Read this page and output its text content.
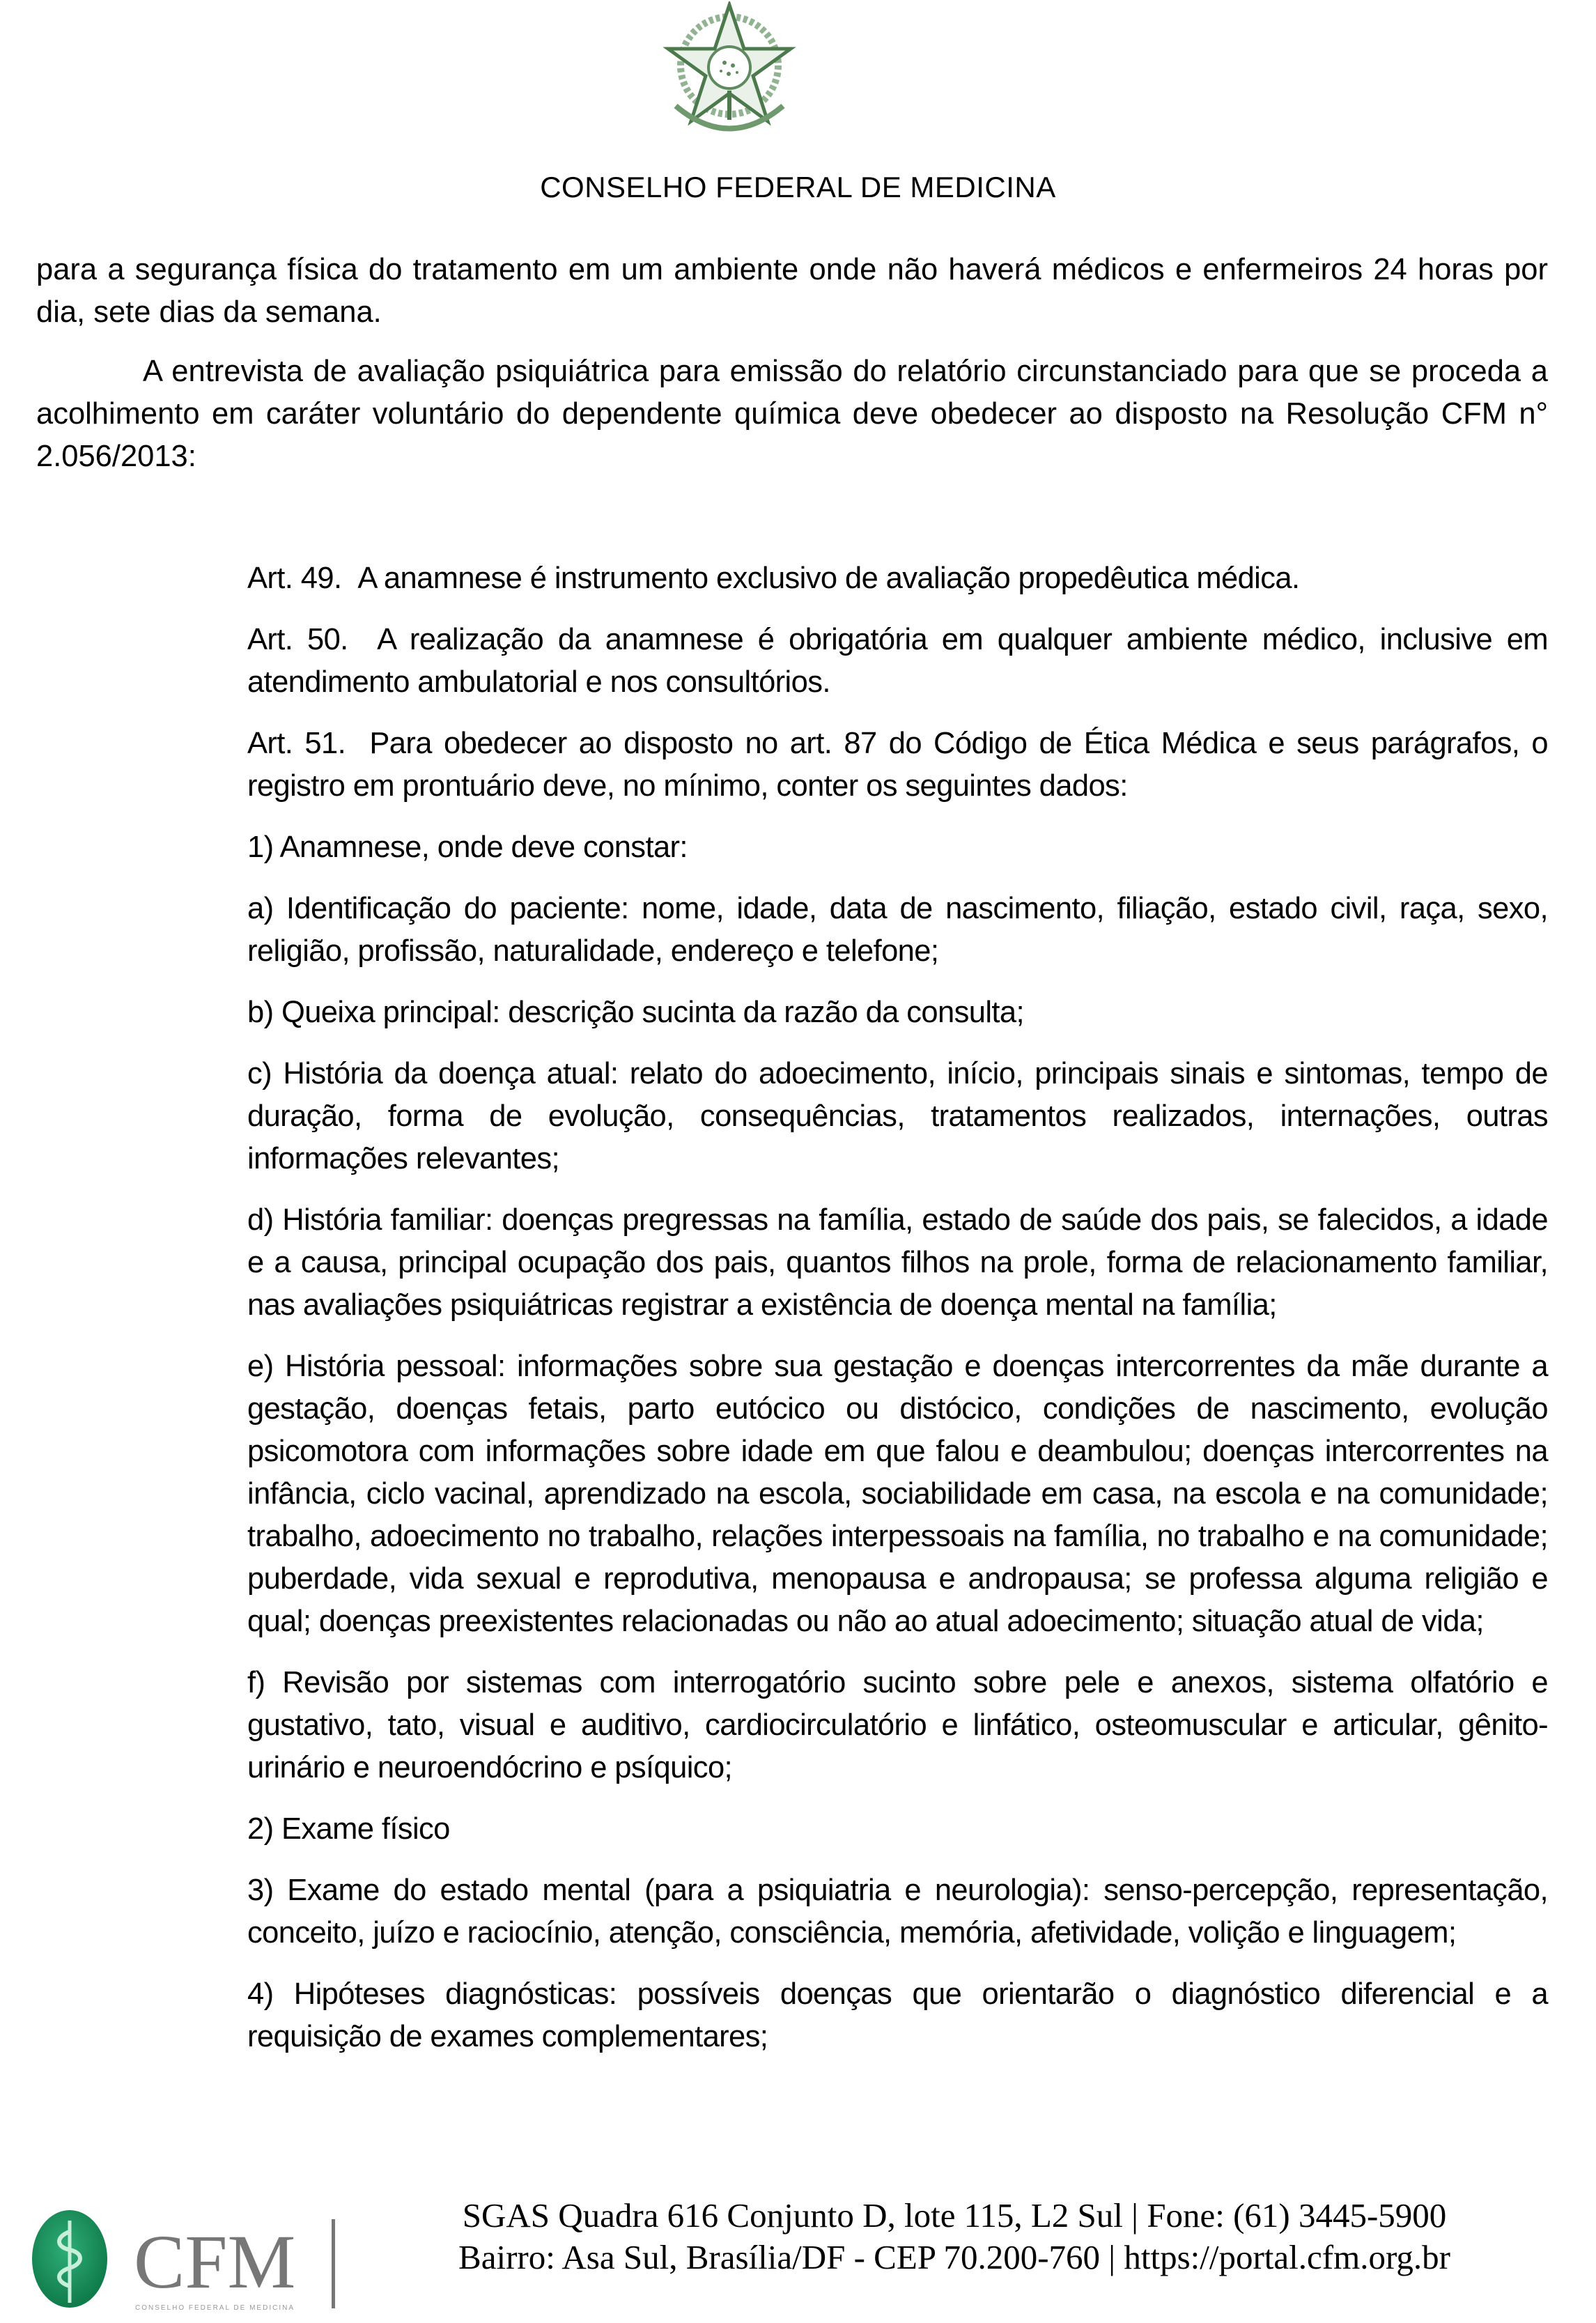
CONSELHO FEDERAL DE MEDICINA

para a segurança física do tratamento em um ambiente onde não haverá médicos e enfermeiros 24 horas por dia, sete dias da semana.

A entrevista de avaliação psiquiátrica para emissão do relatório circunstanciado para que se proceda a acolhimento em caráter voluntário do dependente química deve obedecer ao disposto na Resolução CFM n° 2.056/2013:

Art. 49. A anamnese é instrumento exclusivo de avaliação propedêutica médica.

Art. 50. A realização da anamnese é obrigatória em qualquer ambiente médico, inclusive em atendimento ambulatorial e nos consultórios.

Art. 51. Para obedecer ao disposto no art. 87 do Código de Ética Médica e seus parágrafos, o registro em prontuário deve, no mínimo, conter os seguintes dados:

1) Anamnese, onde deve constar:

a) Identificação do paciente: nome, idade, data de nascimento, filiação, estado civil, raça, sexo, religião, profissão, naturalidade, endereço e telefone;

b) Queixa principal: descrição sucinta da razão da consulta;

c) História da doença atual: relato do adoecimento, início, principais sinais e sintomas, tempo de duração, forma de evolução, consequências, tratamentos realizados, internações, outras informações relevantes;

d) História familiar: doenças pregressas na família, estado de saúde dos pais, se falecidos, a idade e a causa, principal ocupação dos pais, quantos filhos na prole, forma de relacionamento familiar, nas avaliações psiquiátricas registrar a existência de doença mental na família;

e) História pessoal: informações sobre sua gestação e doenças intercorrentes da mãe durante a gestação, doenças fetais, parto eutócico ou distócico, condições de nascimento, evolução psicomotora com informações sobre idade em que falou e deambulou; doenças intercorrentes na infância, ciclo vacinal, aprendizado na escola, sociabilidade em casa, na escola e na comunidade; trabalho, adoecimento no trabalho, relações interpessoais na família, no trabalho e na comunidade; puberdade, vida sexual e reprodutiva, menopausa e andropausa; se professa alguma religião e qual; doenças preexistentes relacionadas ou não ao atual adoecimento; situação atual de vida;

f) Revisão por sistemas com interrogatório sucinto sobre pele e anexos, sistema olfatório e gustativo, tato, visual e auditivo, cardiocirculatório e linfático, osteomuscular e articular, gênito-urinário e neuroendócrino e psíquico;

2) Exame físico

3) Exame do estado mental (para a psiquiatria e neurologia): senso-percepção, representação, conceito, juízo e raciocínio, atenção, consciência, memória, afetividade, volição e linguagem;

4) Hipóteses diagnósticas: possíveis doenças que orientarão o diagnóstico diferencial e a requisição de exames complementares;

CFM
CONSELHO FEDERAL DE MEDICINA
SGAS Quadra 616 Conjunto D, lote 115, L2 Sul | Fone: (61) 3445-5900
Bairro: Asa Sul, Brasília/DF - CEP 70.200-760 | https://portal.cfm.org.br
